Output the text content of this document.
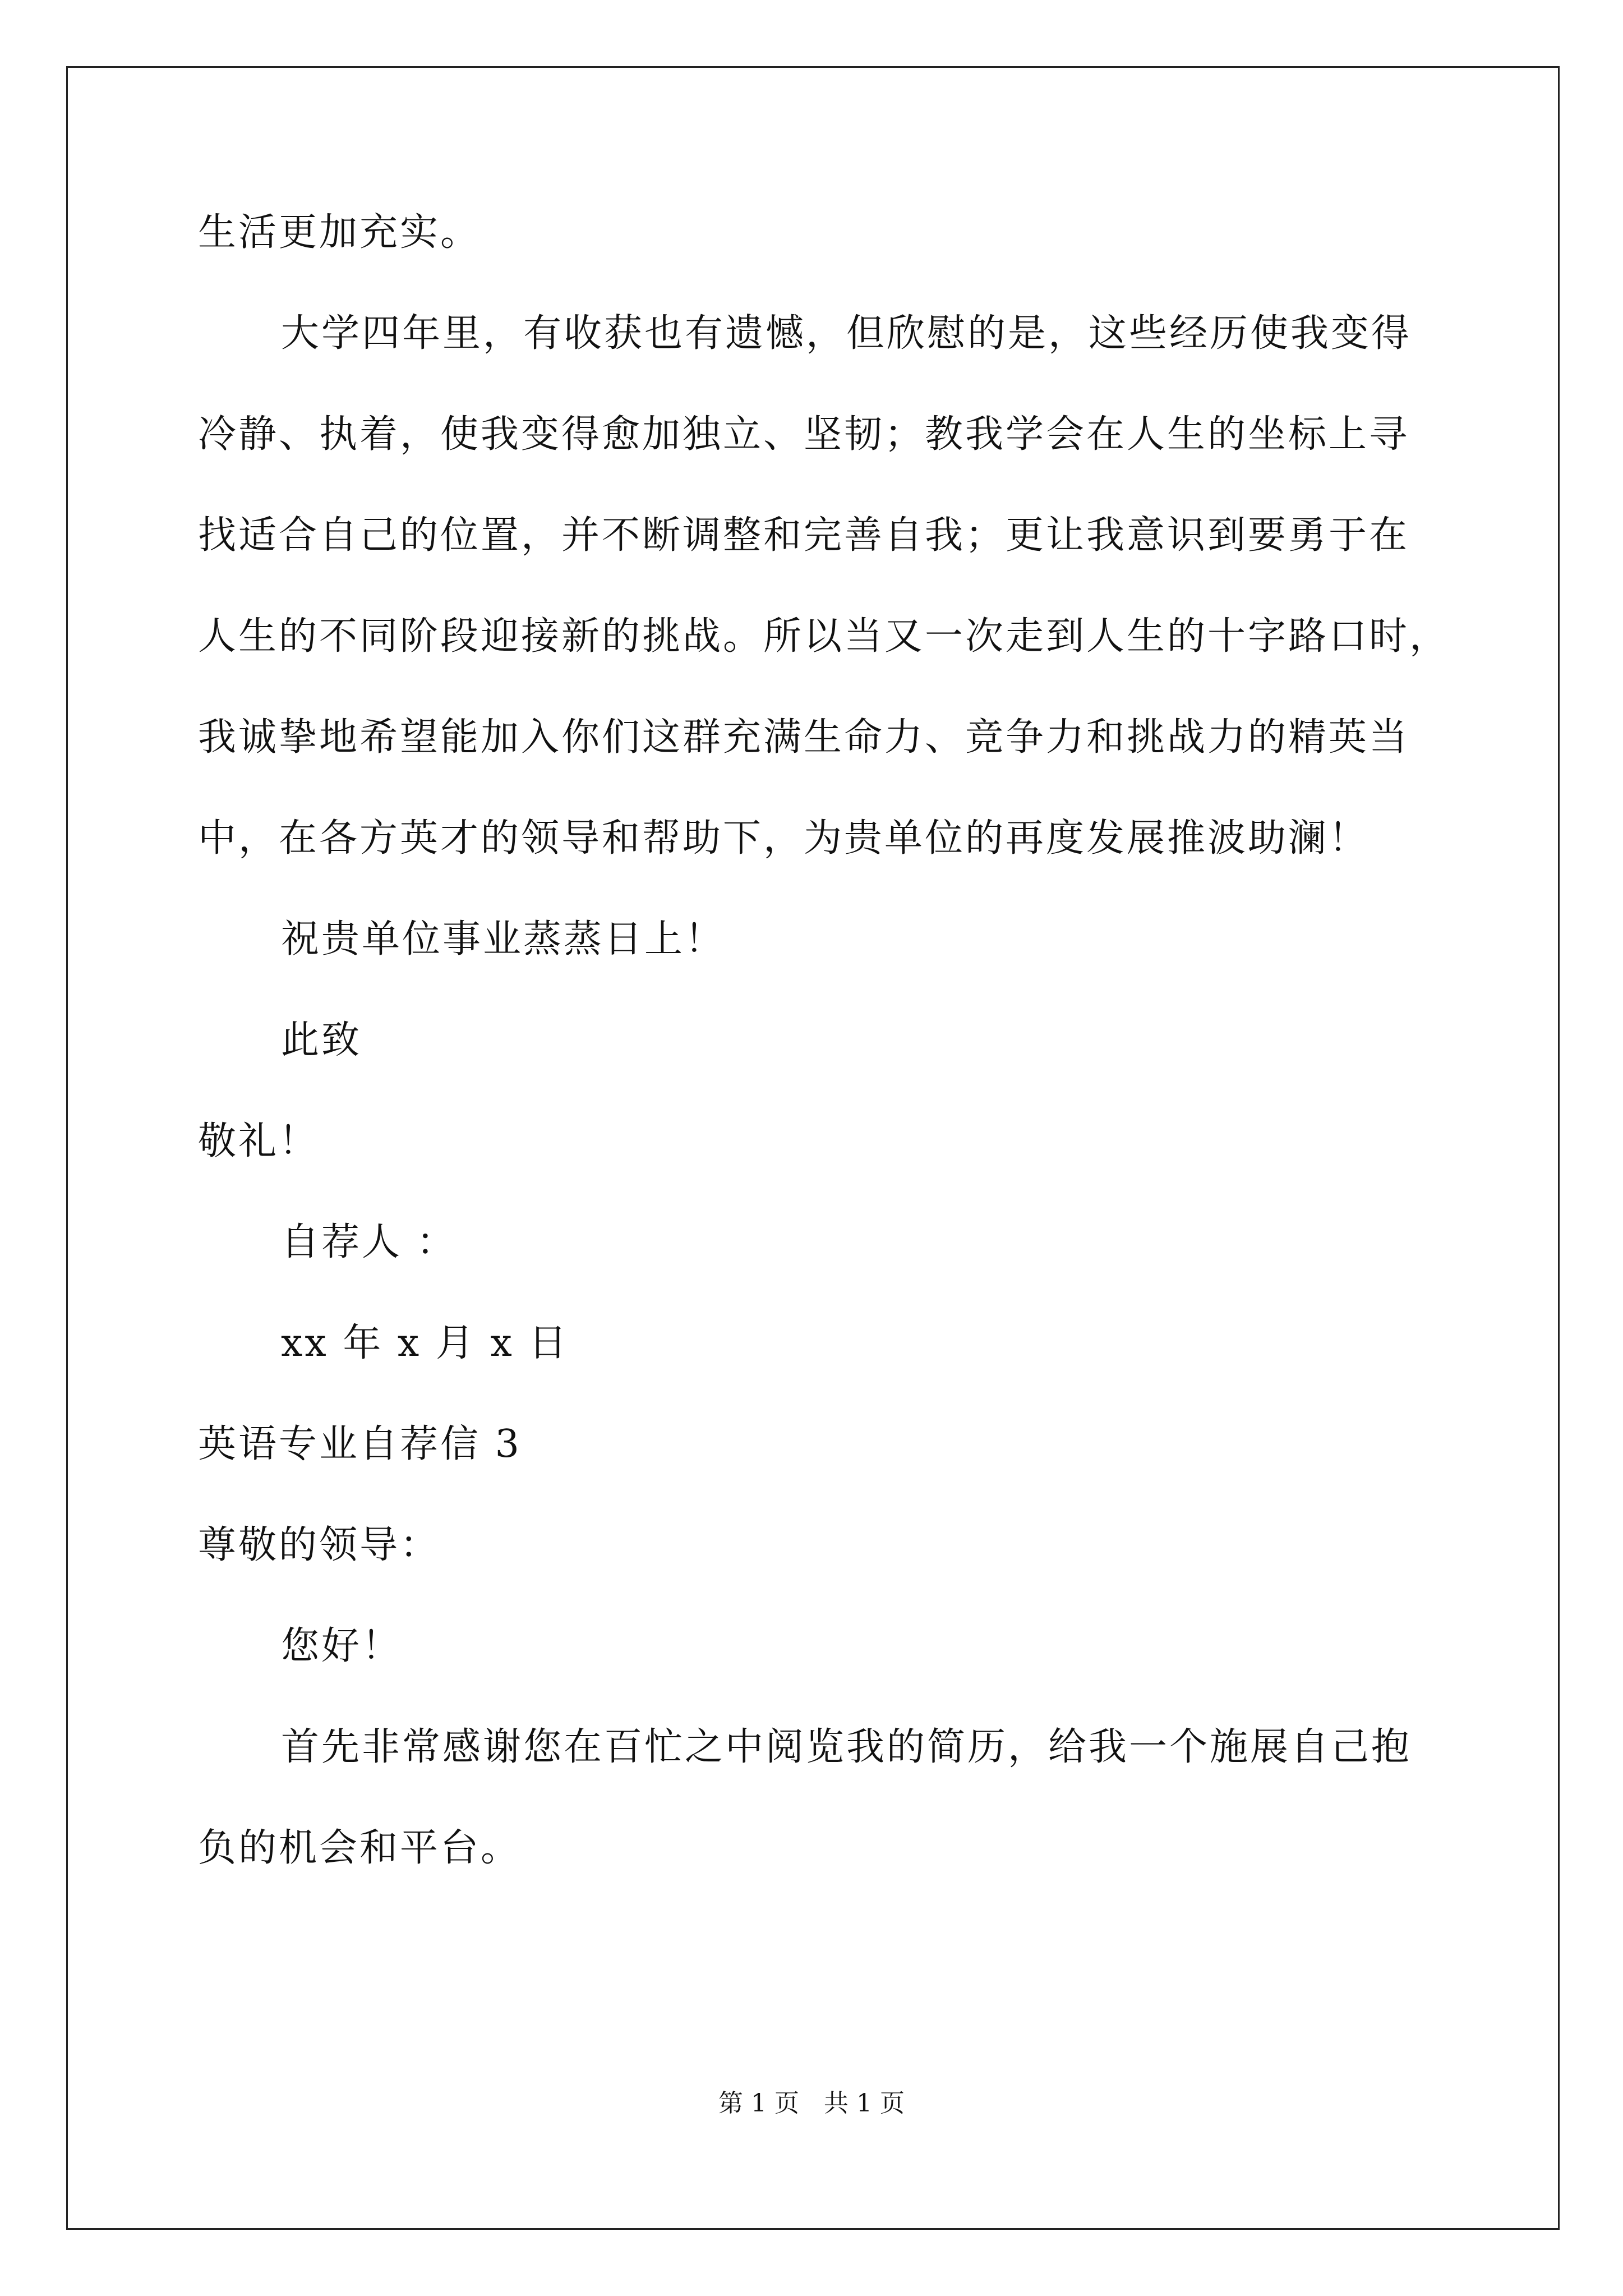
生活更加充实。
大学四年里，有收获也有遗憾，但欣慰的是，这些经历使我变得
冷静、执着，使我变得愈加独立、坚韧；教我学会在人生的坐标上寻
找适合自己的位置，并不断调整和完善自我；更让我意识到要勇于在
人生的不同阶段迎接新的挑战。所以当又一次走到人生的十字路口时，
我诚挚地希望能加入你们这群充满生命力、竞争力和挑战力的精英当
中，在各方英才的领导和帮助下，为贵单位的再度发展推波助澜！
祝贵单位事业蒸蒸日上！
此致
敬礼！
自荐人 ：
xx 年 x 月 x 日
英语专业自荐信 3
尊敬的领导：
您好！
首先非常感谢您在百忙之中阅览我的简历，给我一个施展自己抱
负的机会和平台。
第 1 页　共 1 页
